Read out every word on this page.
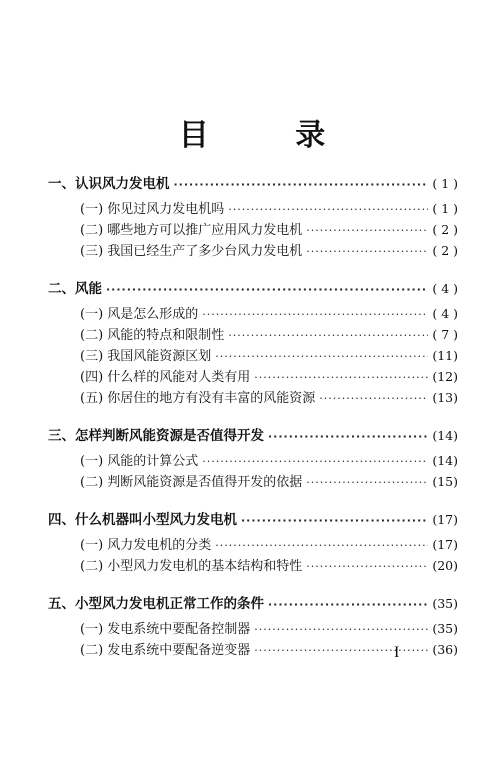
目 录
一、认识风力发电机 ·····	( 1 )
(一) 你见过风力发电机吗 ·····	( 1 )
(二) 哪些地方可以推广应用风力发电机 ·····	( 2 )
(三) 我国已经生产了多少台风力发电机 ·····	( 2 )
二、风能 ·····	( 4 )
(一) 风是怎么形成的 ·····	( 4 )
(二) 风能的特点和限制性 ·····	( 7 )
(三) 我国风能资源区划 ·····	(11)
(四) 什么样的风能对人类有用 ·····	(12)
(五) 你居住的地方有没有丰富的风能资源 ·····	(13)
三、怎样判断风能资源是否值得开发 ·····	(14)
(一) 风能的计算公式 ·····	(14)
(二) 判断风能资源是否值得开发的依据 ·····	(15)
四、什么机器叫小型风力发电机 ·····	(17)
(一) 风力发电机的分类 ·····	(17)
(二) 小型风力发电机的基本结构和特性 ·····	(20)
五、小型风力发电机正常工作的条件 ·····	(35)
(一) 发电系统中要配备控制器 ·····	(35)
(二) 发电系统中要配备逆变器 ·····	(36)
I
